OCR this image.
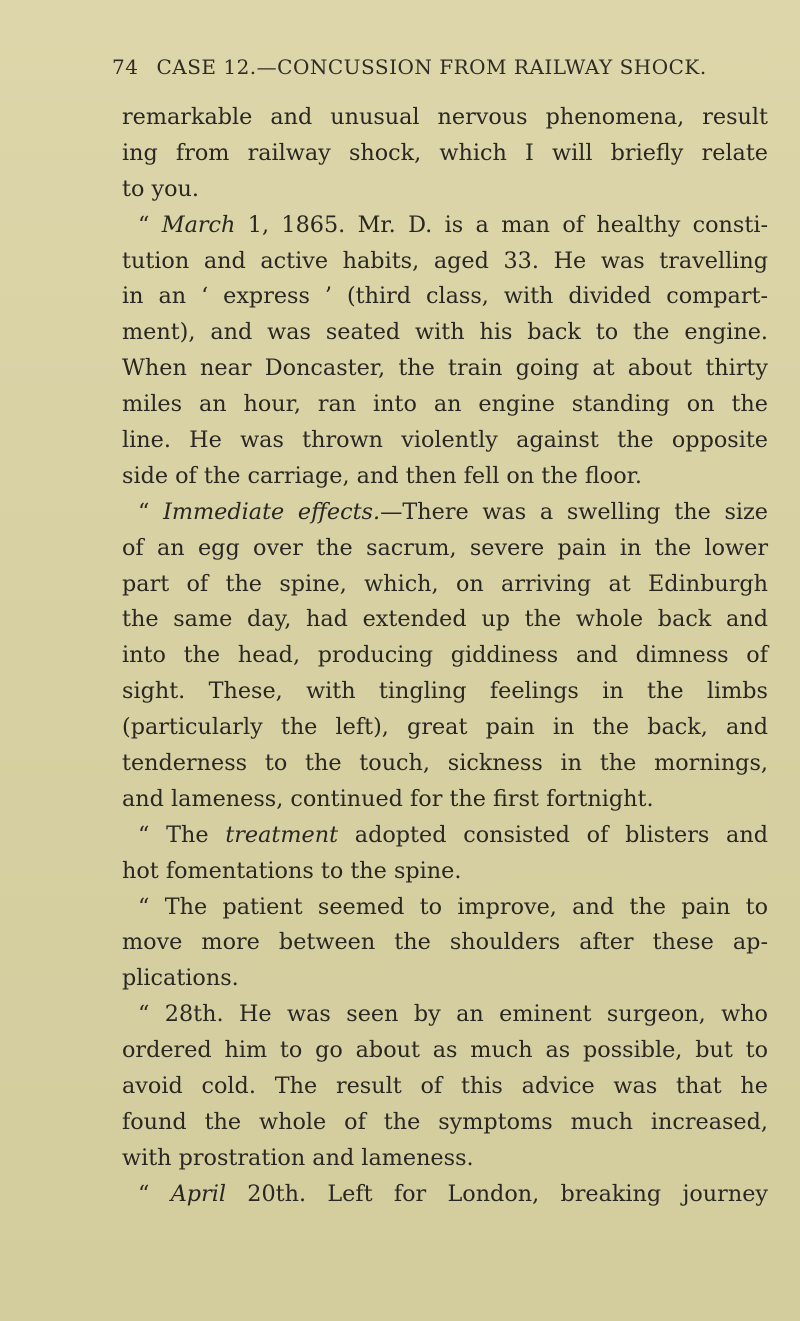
74 CASE 12.—CONCUSSION FROM RAILWAY SHOCK.
remarkable and unusual nervous phenomena, result
ing from railway shock, which I will briefly relate
to you.
“ March 1, 1865. Mr. D. is a man of healthy consti-
tution and active habits, aged 33. He was travelling
in an ‘ express ’ (third class, with divided compart-
ment), and was seated with his back to the engine.
When near Doncaster, the train going at about thirty
miles an hour, ran into an engine standing on the
line. He was thrown violently against the opposite
side of the carriage, and then fell on the floor.
“ Immediate effects.—There was a swelling the size
of an egg over the sacrum, severe pain in the lower
part of the spine, which, on arriving at Edinburgh
the same day, had extended up the whole back and
into the head, producing giddiness and dimness of
sight. These, with tingling feelings in the limbs
(particularly the left), great pain in the back, and
tenderness to the touch, sickness in the mornings,
and lameness, continued for the first fortnight.
“ The treatment adopted consisted of blisters and
hot fomentations to the spine.
“ The patient seemed to improve, and the pain to
move more between the shoulders after these ap-
plications.
“ 28th. He was seen by an eminent surgeon, who
ordered him to go about as much as possible, but to
avoid cold. The result of this advice was that he
found the whole of the symptoms much increased,
with prostration and lameness.
“ April 20th. Left for London, breaking journey
